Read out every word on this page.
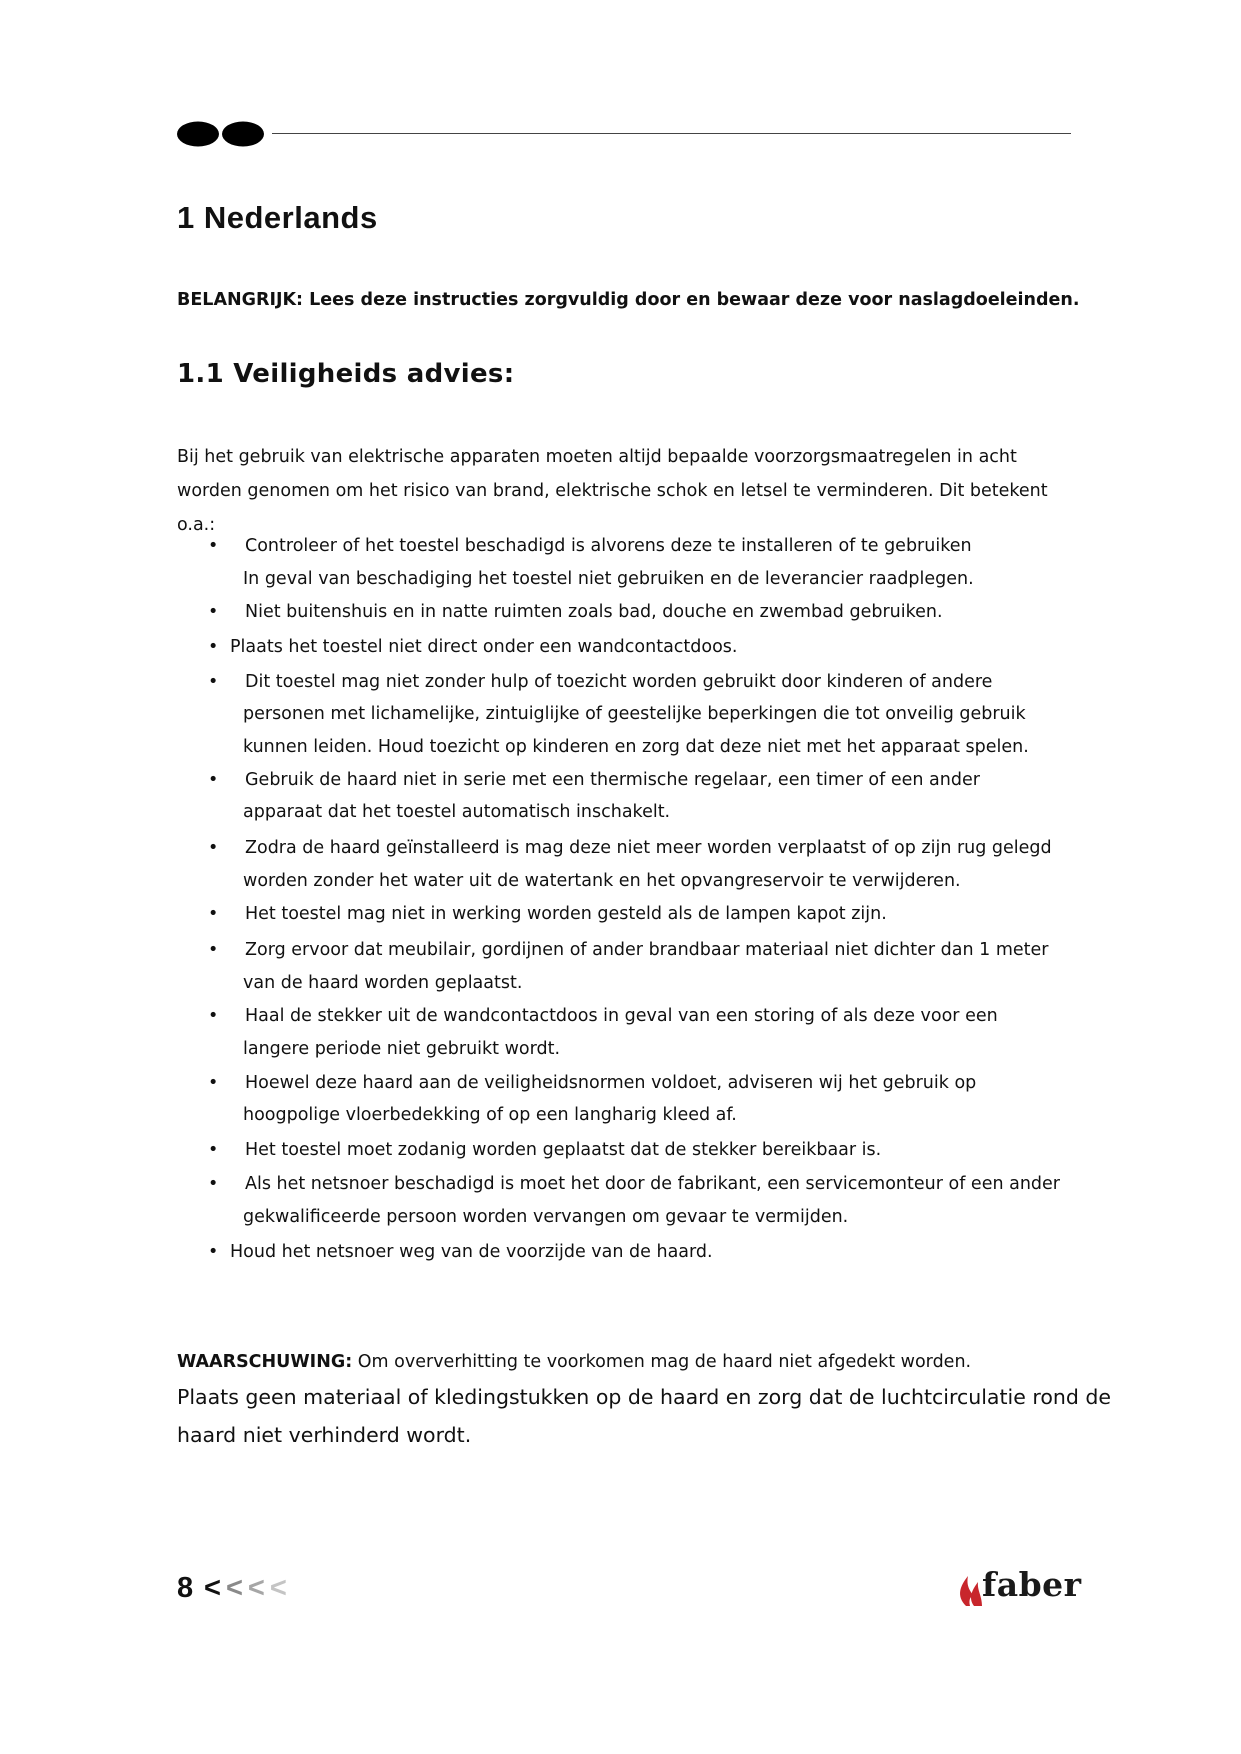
1 Nederlands
BELANGRIJK: Lees deze instructies zorgvuldig door en bewaar deze voor naslagdoeleinden.
1.1 Veiligheids advies:
Bij het gebruik van elektrische apparaten moeten altijd bepaalde voorzorgsmaatregelen in acht
worden genomen om het risico van brand, elektrische schok en letsel te verminderen. Dit betekent
o.a.:
• Controleer of het toestel beschadigd is alvorens deze te installeren of te gebruiken
In geval van beschadiging het toestel niet gebruiken en de leverancier raadplegen.
• Niet buitenshuis en in natte ruimten zoals bad, douche en zwembad gebruiken.
• Plaats het toestel niet direct onder een wandcontactdoos.
• Dit toestel mag niet zonder hulp of toezicht worden gebruikt door kinderen of andere
personen met lichamelijke, zintuiglijke of geestelijke beperkingen die tot onveilig gebruik
kunnen leiden. Houd toezicht op kinderen en zorg dat deze niet met het apparaat spelen.
• Gebruik de haard niet in serie met een thermische regelaar, een timer of een ander
apparaat dat het toestel automatisch inschakelt.
• Zodra de haard geïnstalleerd is mag deze niet meer worden verplaatst of op zijn rug gelegd
worden zonder het water uit de watertank en het opvangreservoir te verwijderen.
• Het toestel mag niet in werking worden gesteld als de lampen kapot zijn.
• Zorg ervoor dat meubilair, gordijnen of ander brandbaar materiaal niet dichter dan 1 meter
van de haard worden geplaatst.
• Haal de stekker uit de wandcontactdoos in geval van een storing of als deze voor een
langere periode niet gebruikt wordt.
• Hoewel deze haard aan de veiligheidsnormen voldoet, adviseren wij het gebruik op
hoogpolige vloerbedekking of op een langharig kleed af.
• Het toestel moet zodanig worden geplaatst dat de stekker bereikbaar is.
• Als het netsnoer beschadigd is moet het door de fabrikant, een servicemonteur of een ander
gekwalificeerde persoon worden vervangen om gevaar te vermijden.
• Houd het netsnoer weg van de voorzijde van de haard.
WAARSCHUWING: Om oververhitting te voorkomen mag de haard niet afgedekt worden.
Plaats geen materiaal of kledingstukken op de haard en zorg dat de luchtcirculatie rond de
haard niet verhinderd wordt.
8 < < < <	faber
